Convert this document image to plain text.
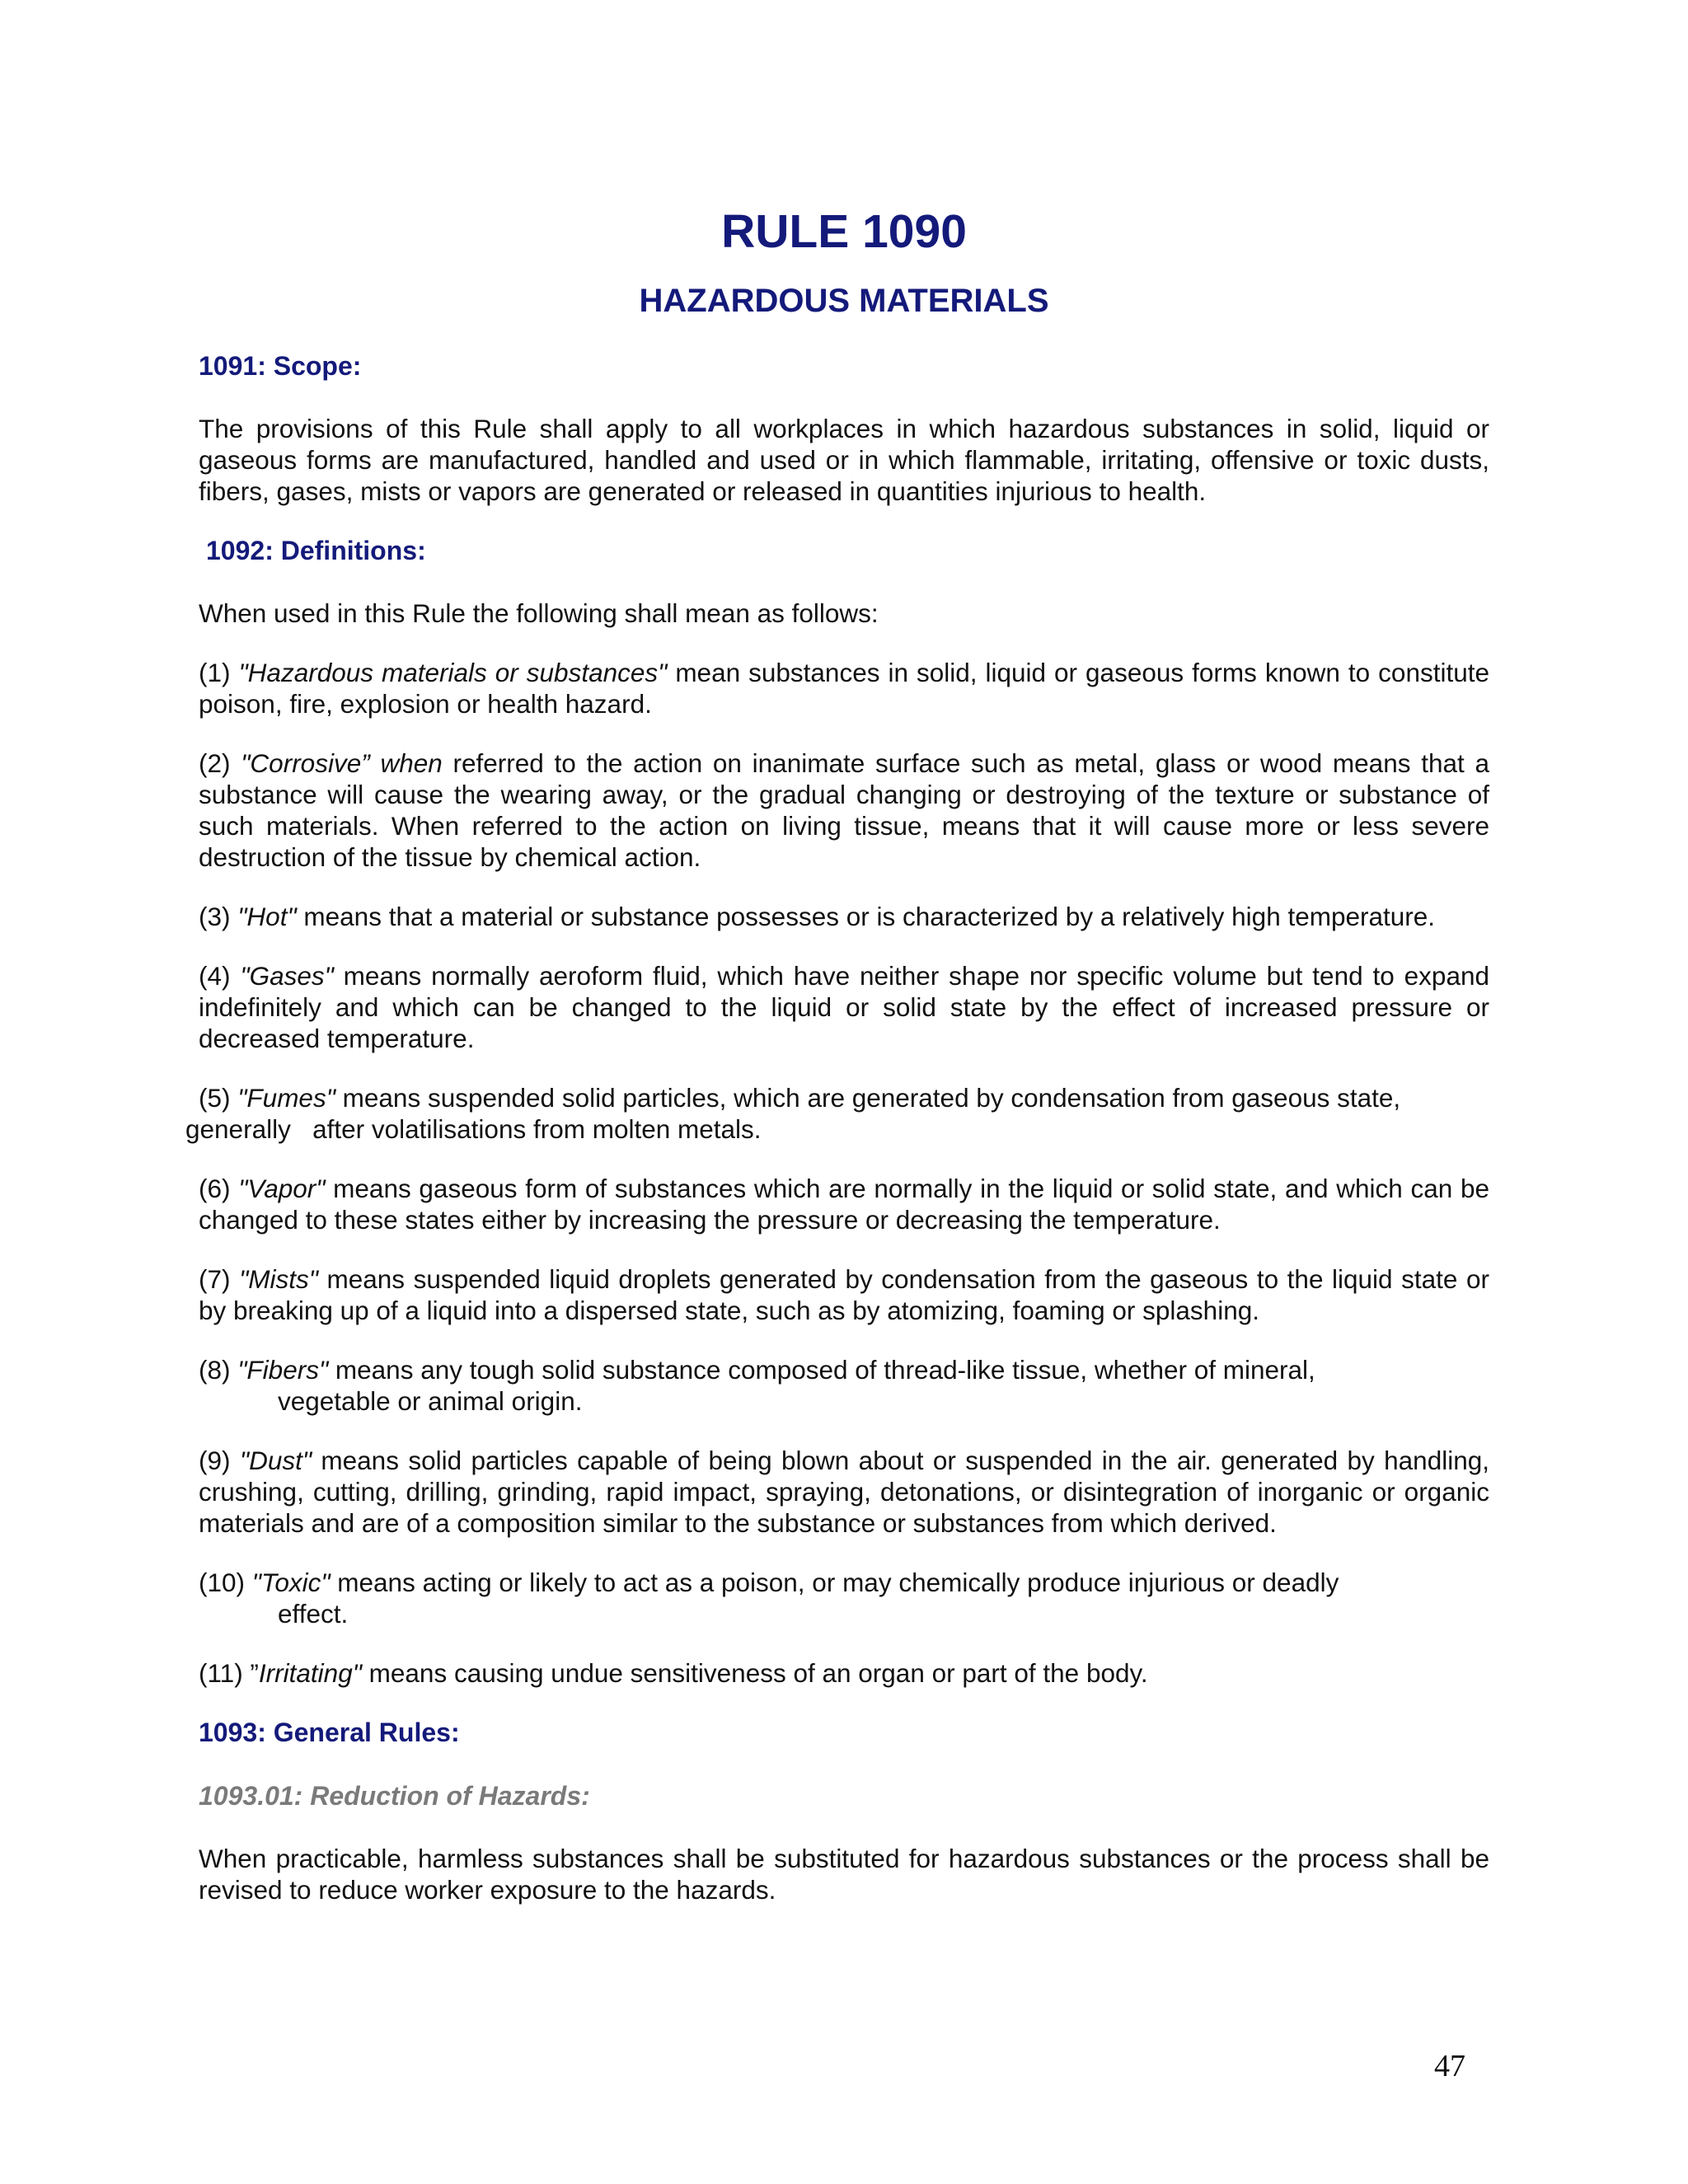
RULE 1090
HAZARDOUS MATERIALS
1091: Scope:

The provisions of this Rule shall apply to all workplaces in which hazardous substances in solid, liquid or gaseous forms are manufactured, handled and used or in which flammable, irritating, offensive or toxic dusts, fibers, gases, mists or vapors are generated or released in quantities injurious to health.

1092: Definitions:

When used in this Rule the following shall mean as follows:

(1) "Hazardous materials or substances" mean substances in solid, liquid or gaseous forms known to constitute poison, fire, explosion or health hazard.

(2) "Corrosive” when referred to the action on inanimate surface such as metal, glass or wood means that a substance will cause the wearing away, or the gradual changing or destroying of the texture or substance of such materials. When referred to the action on living tissue, means that it will cause more or less severe destruction of the tissue by chemical action.

(3) "Hot" means that a material or substance possesses or is characterized by a relatively high temperature.

(4) "Gases" means normally aeroform fluid, which have neither shape nor specific volume but tend to expand indefinitely and which can be changed to the liquid or solid state by the effect of increased pressure or decreased temperature.

(5) "Fumes" means suspended solid particles, which are generated by condensation from gaseous state,
generally   after volatilisations from molten metals.

(6) "Vapor" means gaseous form of substances which are normally in the liquid or solid state, and which can be changed to these states either by increasing the pressure or decreasing the temperature.

(7) "Mists" means suspended liquid droplets generated by condensation from the gaseous to the liquid state or by breaking up of a liquid into a dispersed state, such as by atomizing, foaming or splashing.

(8) "Fibers" means any tough solid substance composed of thread-like tissue, whether of mineral,
vegetable or animal origin.

(9) "Dust" means solid particles capable of being blown about or suspended in the air. generated by handling, crushing, cutting, drilling, grinding, rapid impact, spraying, detonations, or disintegration of inorganic or organic materials and are of a composition similar to the substance or substances from which derived.

(10) "Toxic" means acting or likely to act as a poison, or may chemically produce injurious or deadly
effect.

(11) ”Irritating" means causing undue sensitiveness of an organ or part of the body.

1093: General Rules:
1093.01: Reduction of Hazards:

When practicable, harmless substances shall be substituted for hazardous substances or the process shall be revised to reduce worker exposure to the hazards.

47
